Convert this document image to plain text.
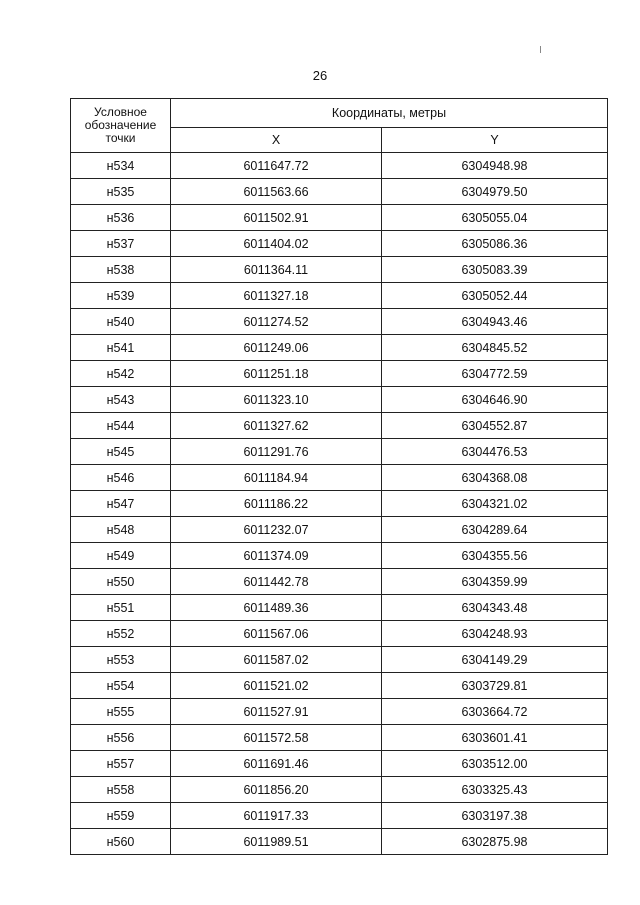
26
Условное обозначение точки	Координаты, метры	
	X	Y
н534	6011647.72	6304948.98
н535	6011563.66	6304979.50
н536	6011502.91	6305055.04
н537	6011404.02	6305086.36
н538	6011364.11	6305083.39
н539	6011327.18	6305052.44
н540	6011274.52	6304943.46
н541	6011249.06	6304845.52
н542	6011251.18	6304772.59
н543	6011323.10	6304646.90
н544	6011327.62	6304552.87
н545	6011291.76	6304476.53
н546	6011184.94	6304368.08
н547	6011186.22	6304321.02
н548	6011232.07	6304289.64
н549	6011374.09	6304355.56
н550	6011442.78	6304359.99
н551	6011489.36	6304343.48
н552	6011567.06	6304248.93
н553	6011587.02	6304149.29
н554	6011521.02	6303729.81
н555	6011527.91	6303664.72
н556	6011572.58	6303601.41
н557	6011691.46	6303512.00
н558	6011856.20	6303325.43
н559	6011917.33	6303197.38
н560	6011989.51	6302875.98
